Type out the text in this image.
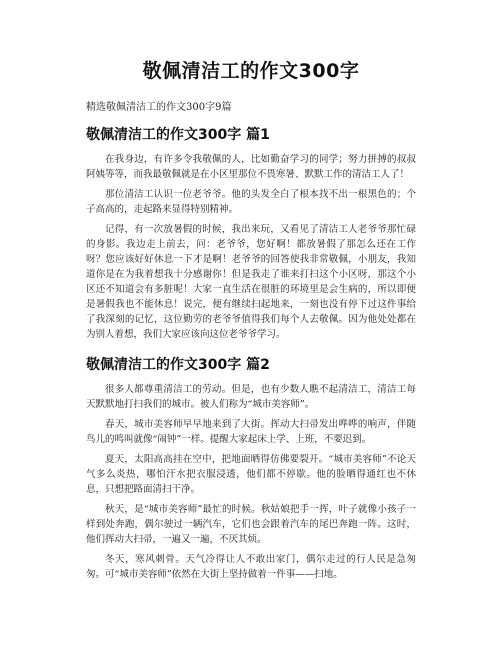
敬佩清洁工的作文300字
精选敬佩清洁工的作文300字9篇
敬佩清洁工的作文300字 篇1

在我身边，有许多令我敬佩的人，比如勤奋学习的同学；努力拼搏的叔叔阿姨等等，而我最敬佩就是在小区里那位不畏寒暑、默默工作的清洁工人了！

那位清洁工认识一位老爷爷。他的头发全白了根本找不出一根黑色的；个子高高的，走起路来显得特别精神。

记得，有一次放暑假的时候，我出来玩，又看见了清洁工人老爷爷那忙碌的身影。我边走上前去，问：老爷爷，您好啊！都放暑假了那怎么还在工作呀？您应该好好休息一下才是啊！老爷爷的回答使我非常敬佩，小朋友，我知道你是在为我着想我十分感谢你！但是我走了谁来打扫这个小区呀，那这个小区还不知道会有多脏呢！大家一直生活在很脏的环境里是会生病的，所以即便是暑假我也不能休息！说完，便有继续扫起地来，一刻也没有停下过这件事给了我深刻的记忆，这位勤劳的老爷爷值得我们每个人去敬佩。因为他处处都在为别人着想，我们大家应该向这位老爷爷学习。

敬佩清洁工的作文300字 篇2

很多人都尊重清洁工的劳动。但是，也有少数人瞧不起清洁工，清洁工每天默默地打扫我们的城市。被人们称为“城市美容师”。

春天，城市美容师早早地来到了大街。挥动大扫帚发出哗哗的响声，伴随鸟儿的鸣叫就像“闹钟”一样。提醒大家起床上学、上班，不要迟到。

夏天，太阳高高挂在空中，把地面晒得仿佛要裂开。“城市美容师”不论天气多么炎热，哪怕汗水把衣服浸透，他们都不停歇。他的脸晒得通红也不休息，只想把路面清扫干净。

秋天，是“城市美容师”最忙的时候。秋姑娘把手一挥，叶子就像小孩子一样到处奔跑，偶尔驶过一辆汽车，它们也会跟着汽车的尾巴奔跑一阵。这时，他们挥动大扫帚，一遍又一遍，不厌其烦。

冬天，寒风刺骨。天气冷得让人不敢出家门，偶尔走过的行人民是急匆匆。可“城市美容师”依然在大街上坚持做着一件事——扫地。
